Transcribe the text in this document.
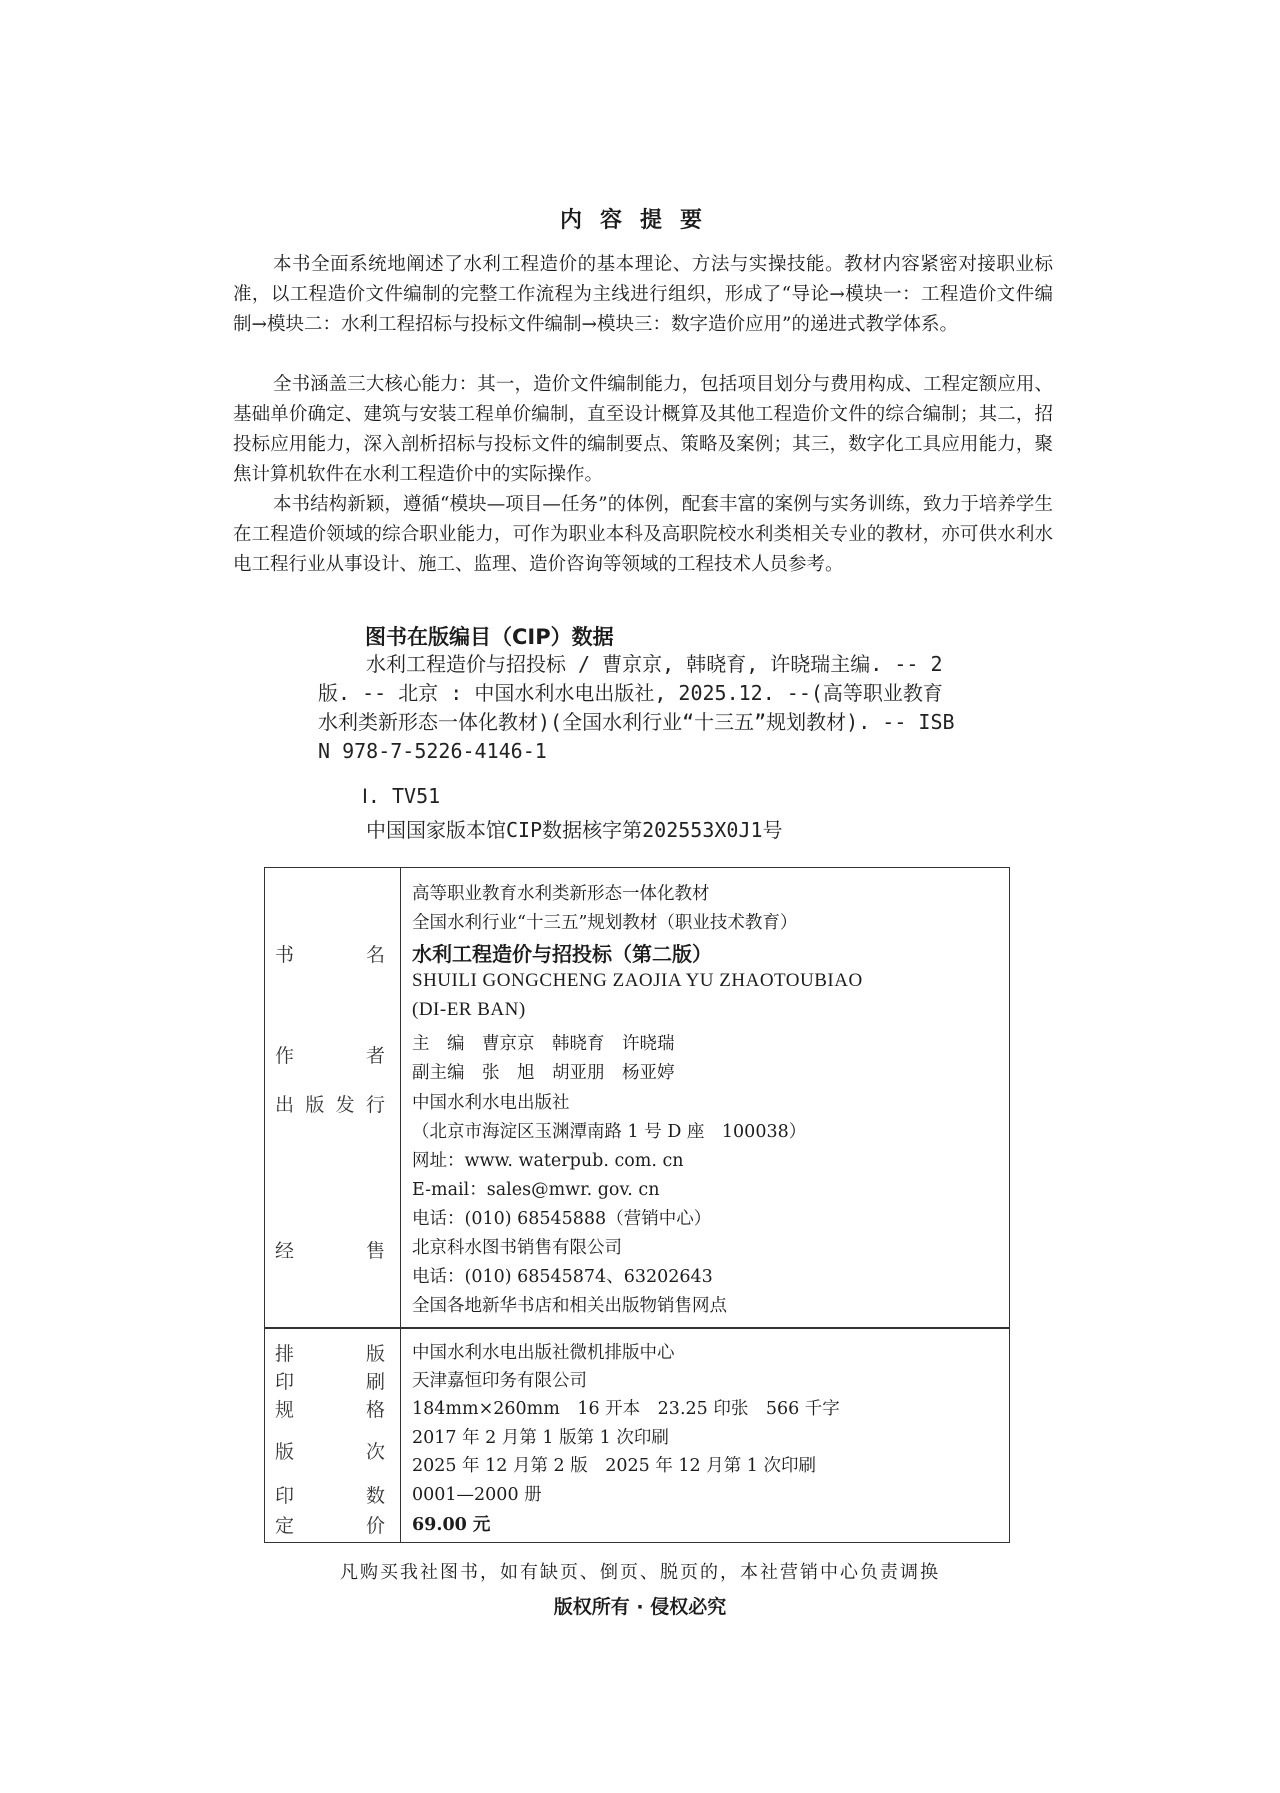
内容提要

本书全面系统地阐述了水利工程造价的基本理论、方法与实操技能。教材内容紧密对接职业标准，以工程造价文件编制的完整工作流程为主线进行组织，形成了“导论→模块一：工程造价文件编制→模块二：水利工程招标与投标文件编制→模块三：数字造价应用”的递进式教学体系。

全书涵盖三大核心能力：其一，造价文件编制能力，包括项目划分与费用构成、工程定额应用、基础单价确定、建筑与安装工程单价编制，直至设计概算及其他工程造价文件的综合编制；其二，招投标应用能力，深入剖析招标与投标文件的编制要点、策略及案例；其三，数字化工具应用能力，聚焦计算机软件在水利工程造价中的实际操作。

本书结构新颖，遵循“模块—项目—任务”的体例，配套丰富的案例与实务训练，致力于培养学生在工程造价领域的综合职业能力，可作为职业本科及高职院校水利类相关专业的教材，亦可供水利水电工程行业从事设计、施工、监理、造价咨询等领域的工程技术人员参考。

图书在版编目（CIP）数据

水利工程造价与招投标 / 曹京京, 韩晓育, 许晓瑞主编. -- 2版. -- 北京 : 中国水利水电出版社, 2025.12. --(高等职业教育水利类新形态一体化教材)(全国水利行业“十三五”规划教材). -- ISBN 978-7-5226-4146-1

Ⅰ. TV51
中国国家版本馆CIP数据核字第202553X0J1号
高等职业教育水利类新形态一体化教材
全国水利行业“十三五”规划教材（职业技术教育）
书	名 水利工程造价与招投标（第二版）
SHUILI GONGCHENG ZAOJIA YU ZHAOTOUBIAO
(DI-ER BAN)
作	者
主　编　曹京京　韩晓育　许晓瑞
副主编　张　旭　胡亚朋　杨亚婷
出 版 发 行 中国水利水电出版社
（北京市海淀区玉渊潭南路 1 号 D 座　100038）
网址：www. waterpub. com. cn
E-mail：sales@mwr. gov. cn
电话：(010) 68545888（营销中心）
经	售 北京科水图书销售有限公司
电话：(010) 68545874、63202643
全国各地新华书店和相关出版物销售网点
排	版 中国水利水电出版社微机排版中心
印	刷 天津嘉恒印务有限公司
规	格 184mm×260mm　16 开本　23.25 印张　566 千字
版	次
2017 年 2 月第 1 版第 1 次印刷
2025 年 12 月第 2 版　2025 年 12 月第 1 次印刷
印	数 0001—2000 册
定	价 69.00 元
凡购买我社图书，如有缺页、倒页、脱页的，本社营销中心负责调换
版权所有 · 侵权必究
